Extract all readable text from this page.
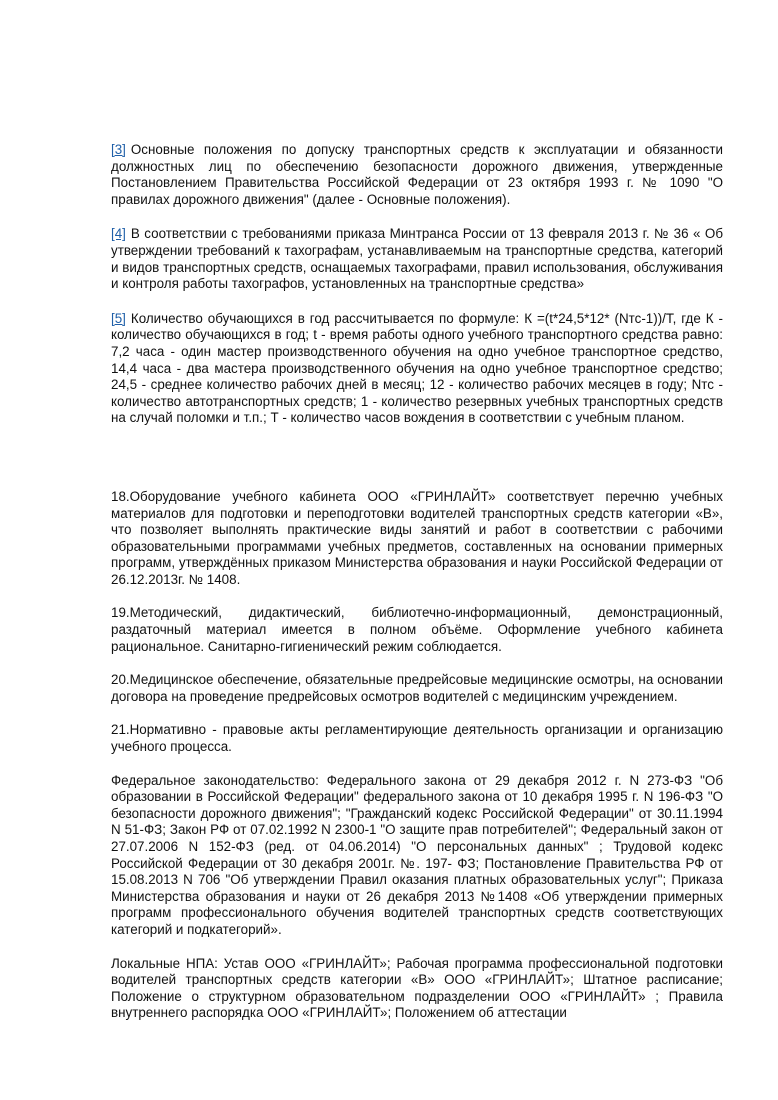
[3] Основные положения по допуску транспортных средств к эксплуатации и обязанности должностных лиц по обеспечению безопасности дорожного движения, утвержденные Постановлением Правительства Российской Федерации от 23 октября 1993 г. № 1090 "О правилах дорожного движения" (далее - Основные положения).

[4] В соответствии с требованиями приказа Минтранса России от 13 февраля 2013 г. № 36 « Об утверждении требований к тахографам, устанавливаемым на транспортные средства, категорий и видов транспортных средств, оснащаемых тахографами, правил использования, обслуживания и контроля работы тахографов, установленных на транспортные средства»

[5] Количество обучающихся в год рассчитывается по формуле: К =(t*24,5*12* (Nтс-1))/Т, где К - количество обучающихся в год; t - время работы одного учебного транспортного средства равно: 7,2 часа - один мастер производственного обучения на одно учебное транспортное средство, 14,4 часа - два мастера производственного обучения на одно учебное транспортное средство; 24,5 - среднее количество рабочих дней в месяц; 12 - количество рабочих месяцев в году; Nтс - количество автотранспортных средств; 1 - количество резервных учебных транспортных средств на случай поломки и т.п.; Т - количество часов вождения в соответствии с учебным планом.

18.Оборудование учебного кабинета ООО «ГРИНЛАЙТ» соответствует перечню учебных материалов для подготовки и переподготовки водителей транспортных средств категории «В», что позволяет выполнять практические виды занятий и работ в соответствии с рабочими образовательными программами учебных предметов, составленных на основании примерных программ, утверждённых приказом Министерства образования и науки Российской Федерации от 26.12.2013г. № 1408.

19.Методический, дидактический, библиотечно-информационный, демонстрационный, раздаточный материал имеется в полном объёме. Оформление учебного кабинета рациональное. Санитарно-гигиенический режим соблюдается.

20.Медицинское обеспечение, обязательные предрейсовые медицинские осмотры, на основании договора на проведение предрейсовых осмотров водителей с медицинским учреждением.

21.Нормативно - правовые акты регламентирующие деятельность организации и организацию учебного процесса.

Федеральное законодательство: Федерального закона от 29 декабря 2012 г. N 273-ФЗ "Об образовании в Российской Федерации" федерального закона от 10 декабря 1995 г. N 196-ФЗ "О безопасности дорожного движения"; "Гражданский кодекс Российской Федерации" от 30.11.1994 N 51-ФЗ; Закон РФ от 07.02.1992 N 2300-1 "О защите прав потребителей"; Федеральный закон от 27.07.2006 N 152-ФЗ (ред. от 04.06.2014) "О персональных данных" ; Трудовой кодекс Российской Федерации от 30 декабря 2001г. №. 197- ФЗ; Постановление Правительства РФ от 15.08.2013 N 706 "Об утверждении Правил оказания платных образовательных услуг"; Приказа Министерства образования и науки от 26 декабря 2013 №1408 «Об утверждении примерных программ профессионального обучения водителей транспортных средств соответствующих категорий и подкатегорий».

Локальные НПА: Устав ООО «ГРИНЛАЙТ»; Рабочая программа профессиональной подготовки водителей транспортных средств категории «В» ООО «ГРИНЛАЙТ»; Штатное расписание; Положение о структурном образовательном подразделении ООО «ГРИНЛАЙТ» ; Правила внутреннего распорядка ООО «ГРИНЛАЙТ»; Положением об аттестации
